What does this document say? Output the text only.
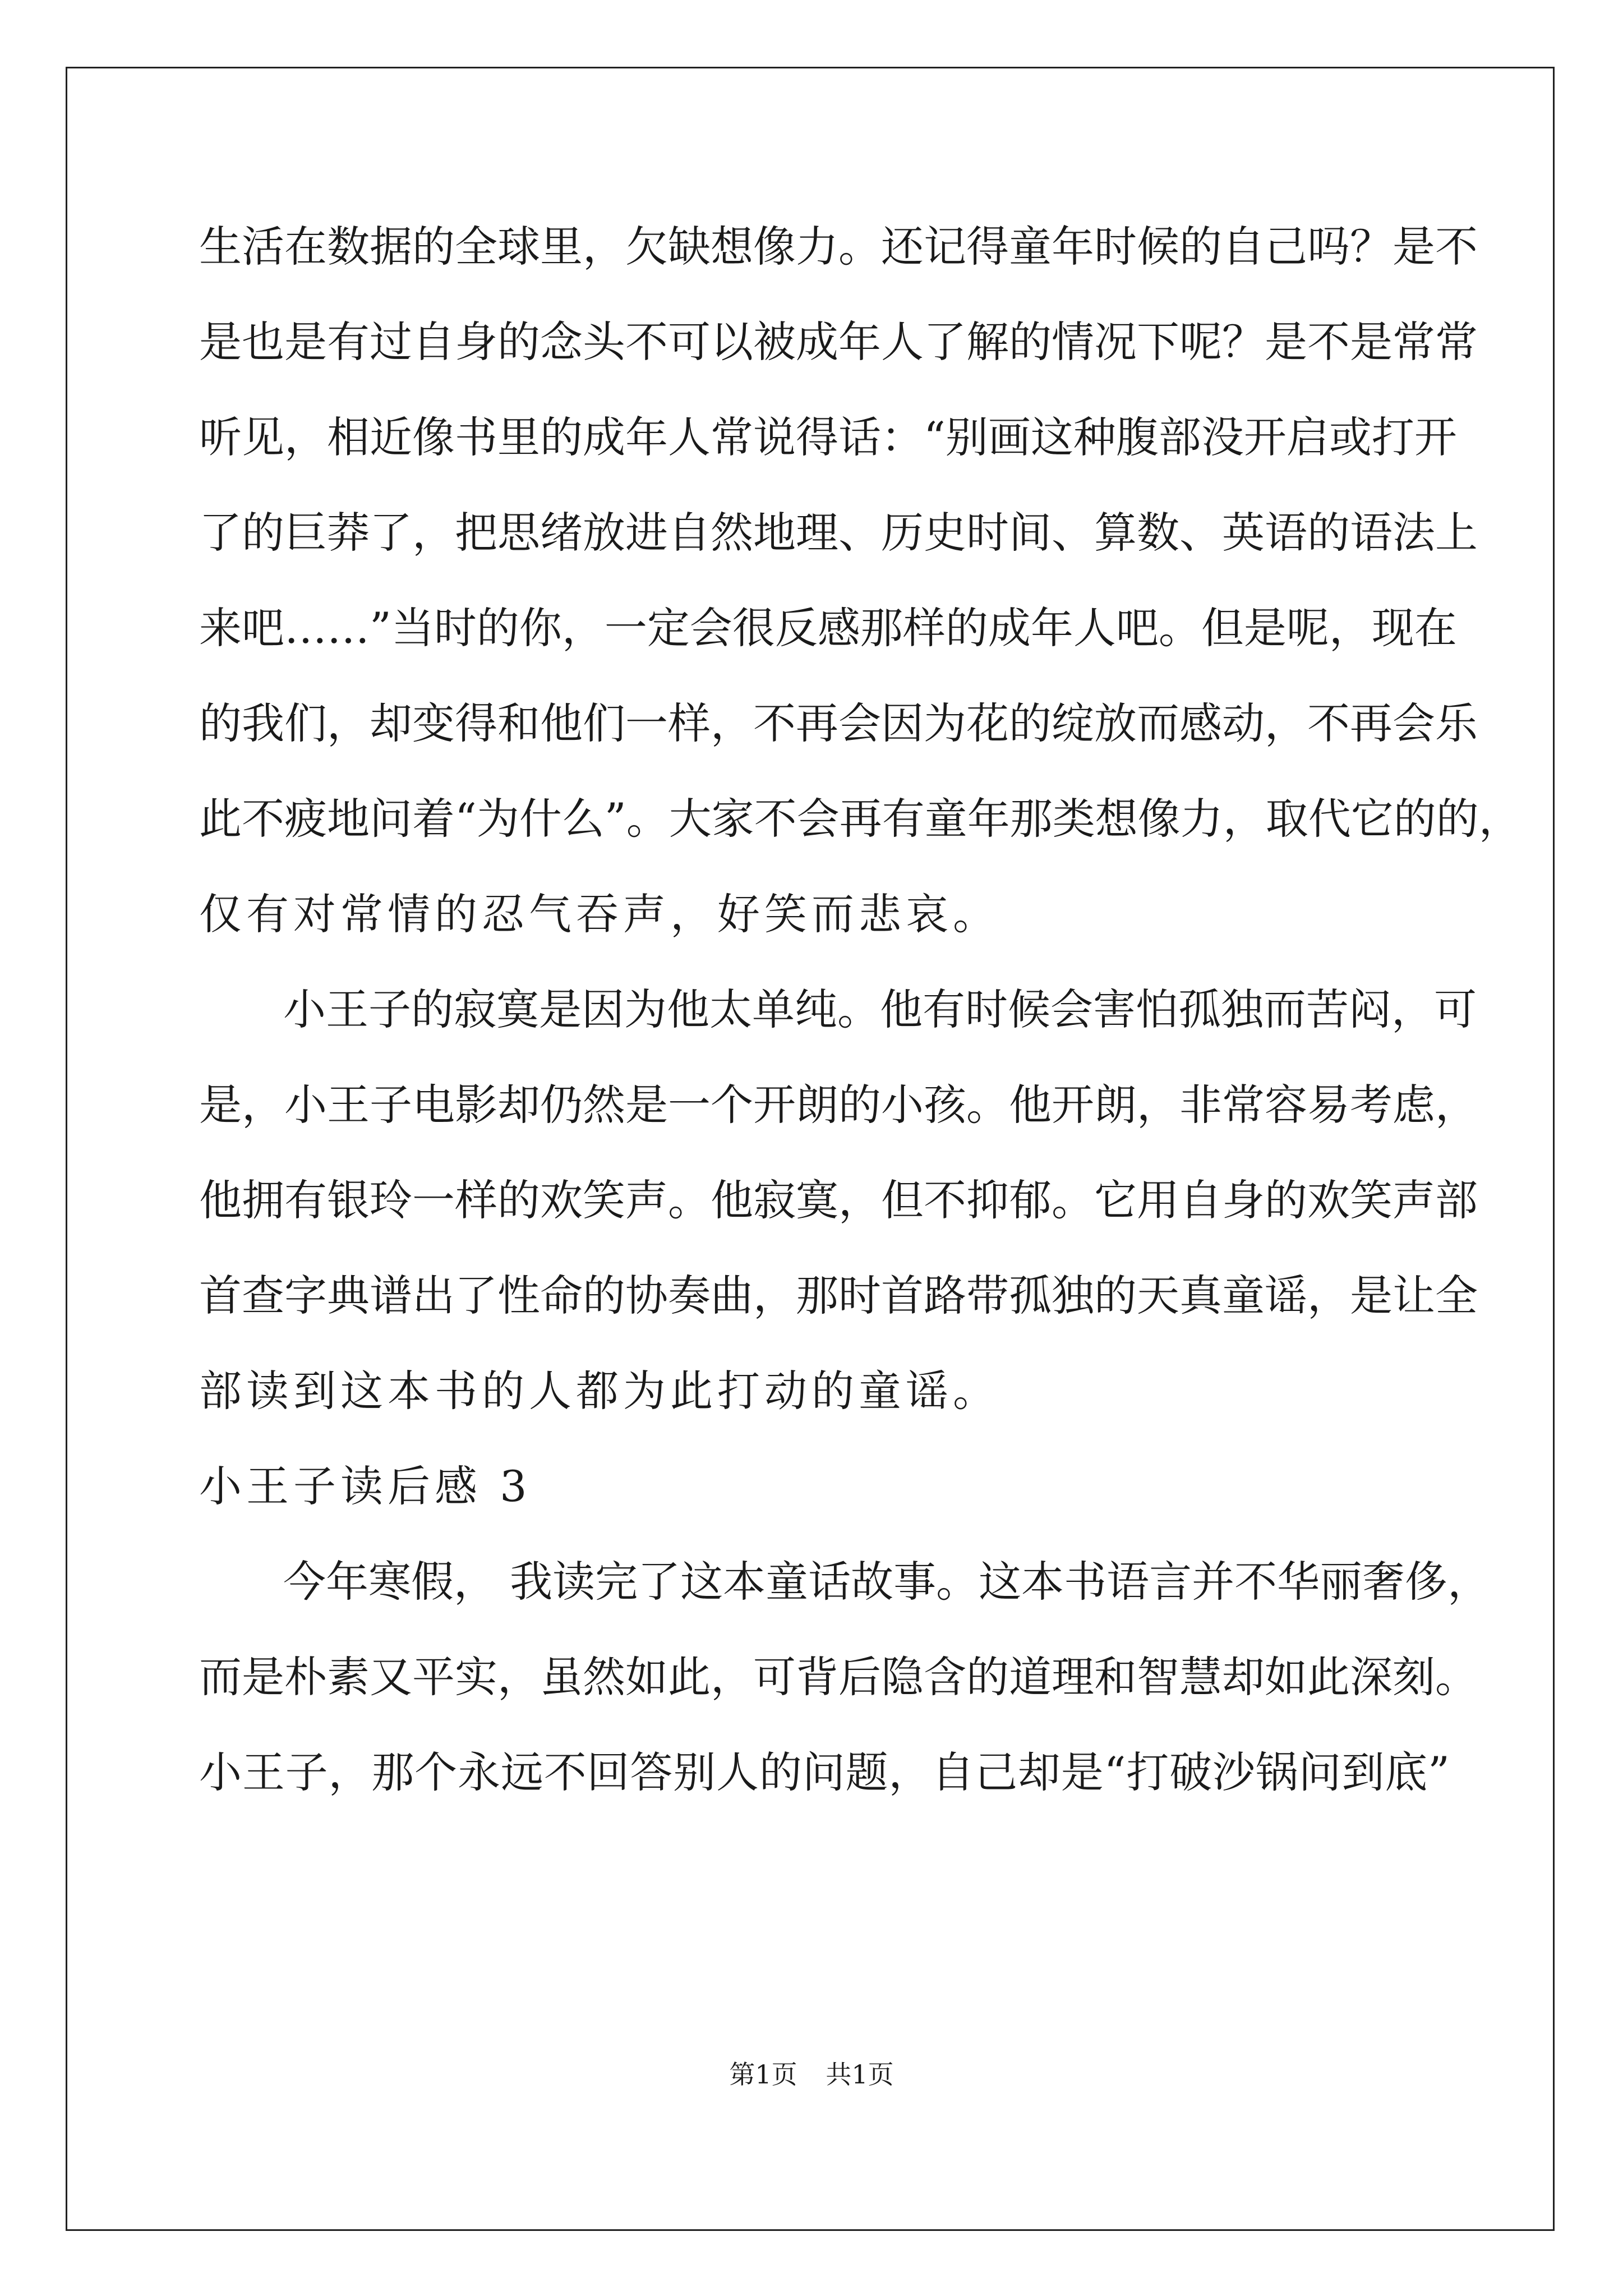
生活在数据的全球里，欠缺想像力。还记得童年时候的自己吗？是不
是也是有过自身的念头不可以被成年人了解的情况下呢？是不是常常
听见，相近像书里的成年人常说得话：“别画这种腹部没开启或打开
了的巨莽了，把思绪放进自然地理、历史时间、算数、英语的语法上
来吧……”当时的你，一定会很反感那样的成年人吧。但是呢，现在
的我们，却变得和他们一样，不再会因为花的绽放而感动，不再会乐
此不疲地问着“为什么”。大家不会再有童年那类想像力，取代它的的，
仅有对常情的忍气吞声，好笑而悲哀。
小王子的寂寞是因为他太单纯。他有时候会害怕孤独而苦闷，可
是，小王子电影却仍然是一个开朗的小孩。他开朗，非常容易考虑，
他拥有银玲一样的欢笑声。他寂寞，但不抑郁。它用自身的欢笑声部
首查字典谱出了性命的协奏曲，那时首路带孤独的天真童谣，是让全
部读到这本书的人都为此打动的童谣。
小王子读后感 3
今年寒假， 我读完了这本童话故事。这本书语言并不华丽奢侈，
而是朴素又平实，虽然如此，可背后隐含的道理和智慧却如此深刻。
小王子，那个永远不回答别人的问题，自己却是“打破沙锅问到底”
第1页 共1页
